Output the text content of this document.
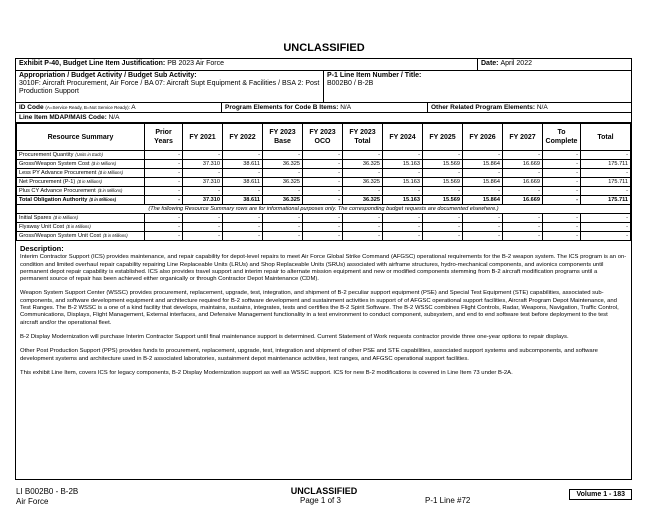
UNCLASSIFIED
Exhibit P-40, Budget Line Item Justification: PB 2023 Air Force	Date: April 2022
Appropriation / Budget Activity / Budget Sub Activity:
3010F: Aircraft Procurement, Air Force / BA 07: Aircraft Supt Equipment & Facilities / BSA 2: Post Production Support
P-1 Line Item Number / Title:
B002B0 / B-2B
ID Code (A=Service Ready, B=Not Service Ready): A	Program Elements for Code B Items: N/A	Other Related Program Elements: N/A
Line Item MDAP/MAIS Code: N/A
Resource Summary	Prior Years	FY 2021	FY 2022	FY 2023 Base	FY 2023 OCO	FY 2023 Total	FY 2024	FY 2025	FY 2026	FY 2027	To Complete	Total
Procurement Quantity (Units in Each)	-	-	-	-	-	-	-	-	-	-	-	-
Gross/Weapon System Cost ($ in Millions)	-	37.310	38.611	36.325	-	36.325	15.163	15.569	15.864	16.669	-	175.711
Less PY Advance Procurement ($ in Millions)	-	-	-	-	-	-	-	-	-	-	-	-
Net Procurement (P-1) ($ in Millions)	-	37.310	38.611	36.325	-	36.325	15.163	15.569	15.864	16.669	-	175.711
Plus CY Advance Procurement ($ in Millions)	-	-	-	-	-	-	-	-	-	-	-	-
Total Obligation Authority ($ in Millions)	-	37.310	38.611	36.325	-	36.325	15.163	15.569	15.864	16.669	-	175.711
(The following Resource Summary rows are for informational purposes only. The corresponding budget requests are documented elsewhere.)												
Initial Spares ($ in Millions)	-	-	-	-	-	-	-	-	-	-	-	-
Flyaway Unit Cost ($ in Millions)	-	-	-	-	-	-	-	-	-	-	-	-
Gross/Weapon System Unit Cost ($ in Millions)	-	-	-	-	-	-	-	-	-	-	-	-
Description:

Interim Contractor Support (ICS) provides maintenance, and repair capability for depot-level repairs to meet Air Force Global Strike Command (AFGSC) operational requirements for the B-2 weapon system. The ICS program is an on-condition and limited overhaul repair capability repairing Line Replaceable Units (LRUs) and Shop Replaceable Units (SRUs) associated with airframe structures, hydro-mechanical components, and avionics components until permanent depot repair capability is established. ICS also provides travel support and interim repair to alternate mission equipment and new or modified components stemming from B-2 aircraft modification programs until a permanent source of repair has been achieved either organically or through Contractor Depot Maintenance (CDM).

Weapon System Support Center (WSSC) provides procurement, replacement, upgrade, test, integration, and shipment of B-2 peculiar support equipment (PSE) and Special Test Equipment (STE) capabilities, associated sub-components, and software development equipment and architecture required for B-2 software development and sustainment activities in support of of AFGSC operational support facilities, Aircraft Program Depot Maintenance, and Test Ranges. The B-2 WSSC is a one of a kind facility that develops, maintains, sustains, integrates, tests and certifies the B-2 Spirit Software. The B-2 WSSC combines Flight Controls, Radar, Weapons, Navigation, Traffic Control, Communications, Displays, Flight Management, External interfaces, and Defensive Management functionality in a test environment to conduct component, subsystem, and end to end software test before deployment to the test aircraft and/or the operational fleet.

B-2 Display Modernization will purchase Interim Contractor Support until final maintenance support is determined. Current Statement of Work requests contractor provide three one-year options to repair displays.

Other Post Production Support (PPS) provides funds to procurement, replacement, upgrade, test, integration and shipment of other PSE and STE capabilities, associated support systems and subcomponents, and software development systems and architecture used in B-2 associated laboratories, sustainment depot maintenance activities, test ranges, and AFGSC operational support facilities.

This exhibit Line Item, covers ICS for legacy components, B-2 Display Modernization support as well as WSSC support. ICS for new B-2 modifications is covered in Line Item 73 under B-2A.

LI B002B0 - B-2B
Air Force
UNCLASSIFIED
Page 1 of 3	P-1 Line #72
Volume 1 - 183
